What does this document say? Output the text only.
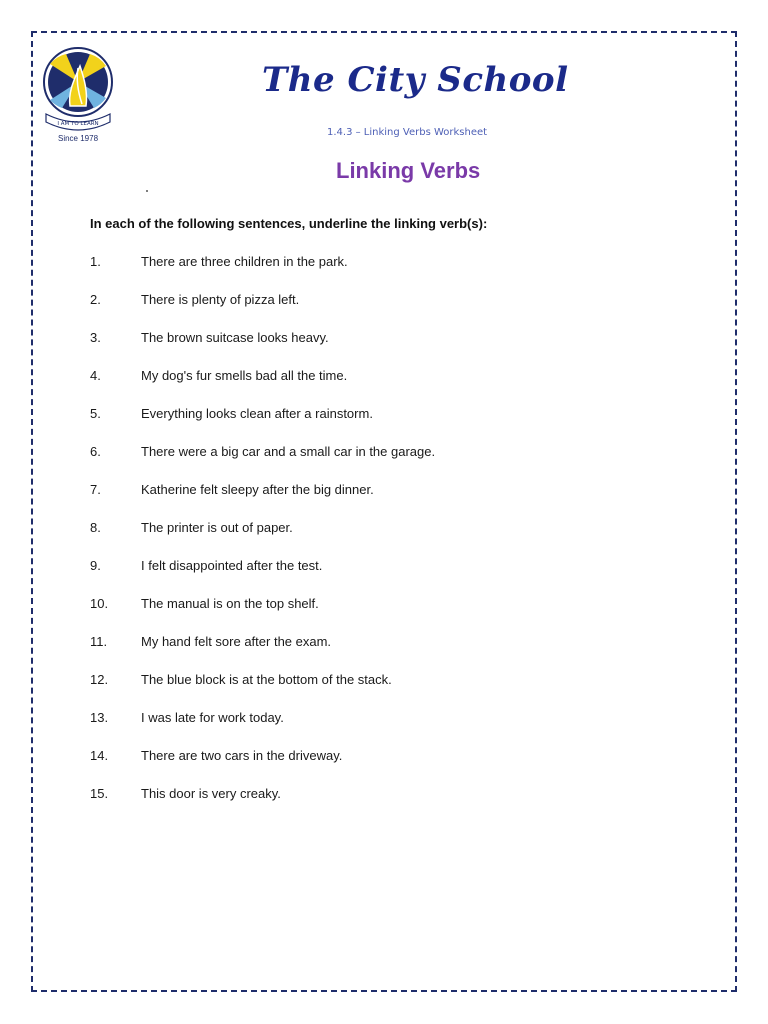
I AM TO LEARN
Since 1978
The City School
1.4.3 – Linking Verbs Worksheet
Linking Verbs
In each of the following sentences, underline the linking verb(s):
1.	There are three children in the park.
2.	There is plenty of pizza left.
3.	The brown suitcase looks heavy.
4.	My dog's fur smells bad all the time.
5.	Everything looks clean after a rainstorm.
6.	There were a big car and a small car in the garage.
7.	Katherine felt sleepy after the big dinner.
8.	The printer is out of paper.
9.	I felt disappointed after the test.
10.	The manual is on the top shelf.
11.	My hand felt sore after the exam.
12.	The blue block is at the bottom of the stack.
13.	I was late for work today.
14.	There are two cars in the driveway.
15.	This door is very creaky.
